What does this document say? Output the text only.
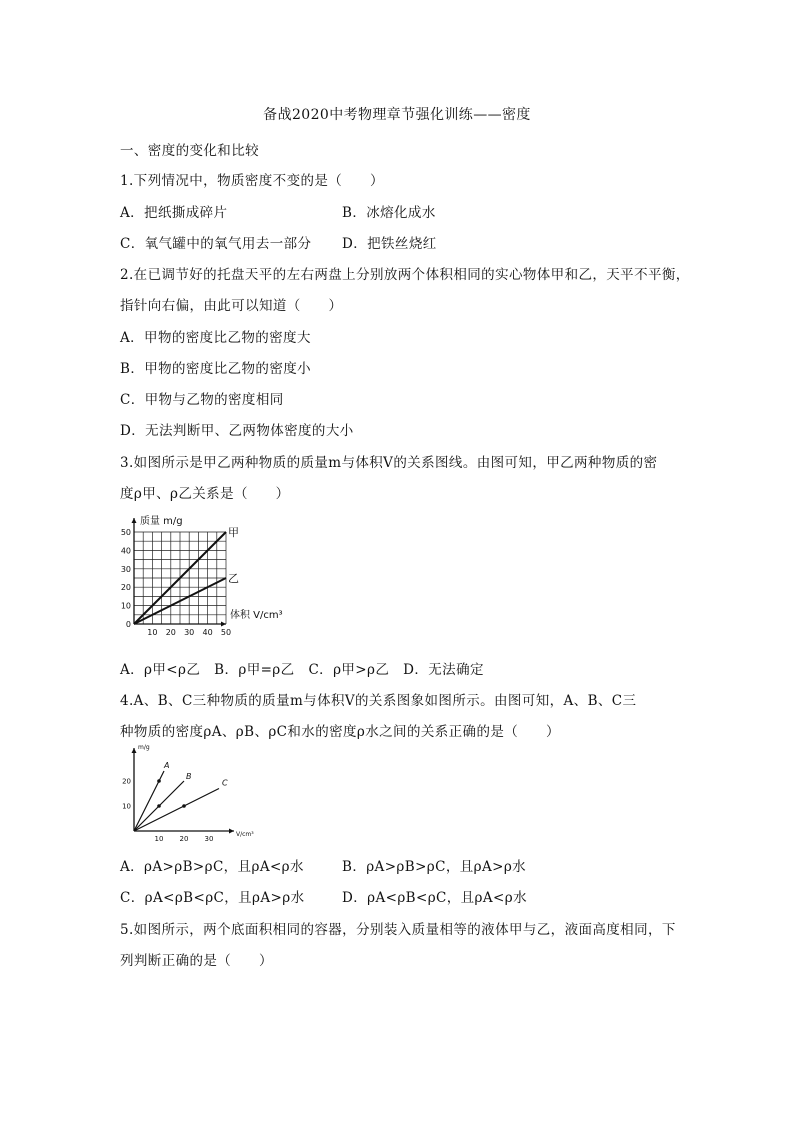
备战2020中考物理章节强化训练——密度
一、密度的变化和比较
1.下列情况中，物质密度不变的是（　　）
A．把纸撕成碎片	B．冰熔化成水
C．氧气罐中的氧气用去一部分 D．把铁丝烧红
2.在已调节好的托盘天平的左右两盘上分别放两个体积相同的实心物体甲和乙，天平不平衡，
指针向右偏，由此可以知道（　　）
A．甲物的密度比乙物的密度大
B．甲物的密度比乙物的密度小
C．甲物与乙物的密度相同
D．无法判断甲、乙两物体密度的大小
3.如图所示是甲乙两种物质的质量m与体积V的关系图线。由图可知，甲乙两种物质的密
度ρ甲、ρ乙关系是（　　）
10 20 30 40 50
0
10
20
30
40
50
质量 m/g
体积 V/cm³
甲
乙
A．ρ甲<ρ乙　B．ρ甲=ρ乙　C．ρ甲>ρ乙　D．无法确定
4.A、B、C三种物质的质量m与体积V的关系图象如图所示。由图可知，A、B、C三
种物质的密度ρA、ρB、ρC和水的密度ρ水之间的关系正确的是（　　）
10 20 30
10
20
m/g
V/cm³
A
B
C
A．ρA>ρB>ρC，且ρA<ρ水	B．ρA>ρB>ρC，且ρA>ρ水
C．ρA<ρB<ρC，且ρA>ρ水	D．ρA<ρB<ρC，且ρA<ρ水
5.如图所示，两个底面积相同的容器，分别装入质量相等的液体甲与乙，液面高度相同，下
列判断正确的是（　　）
